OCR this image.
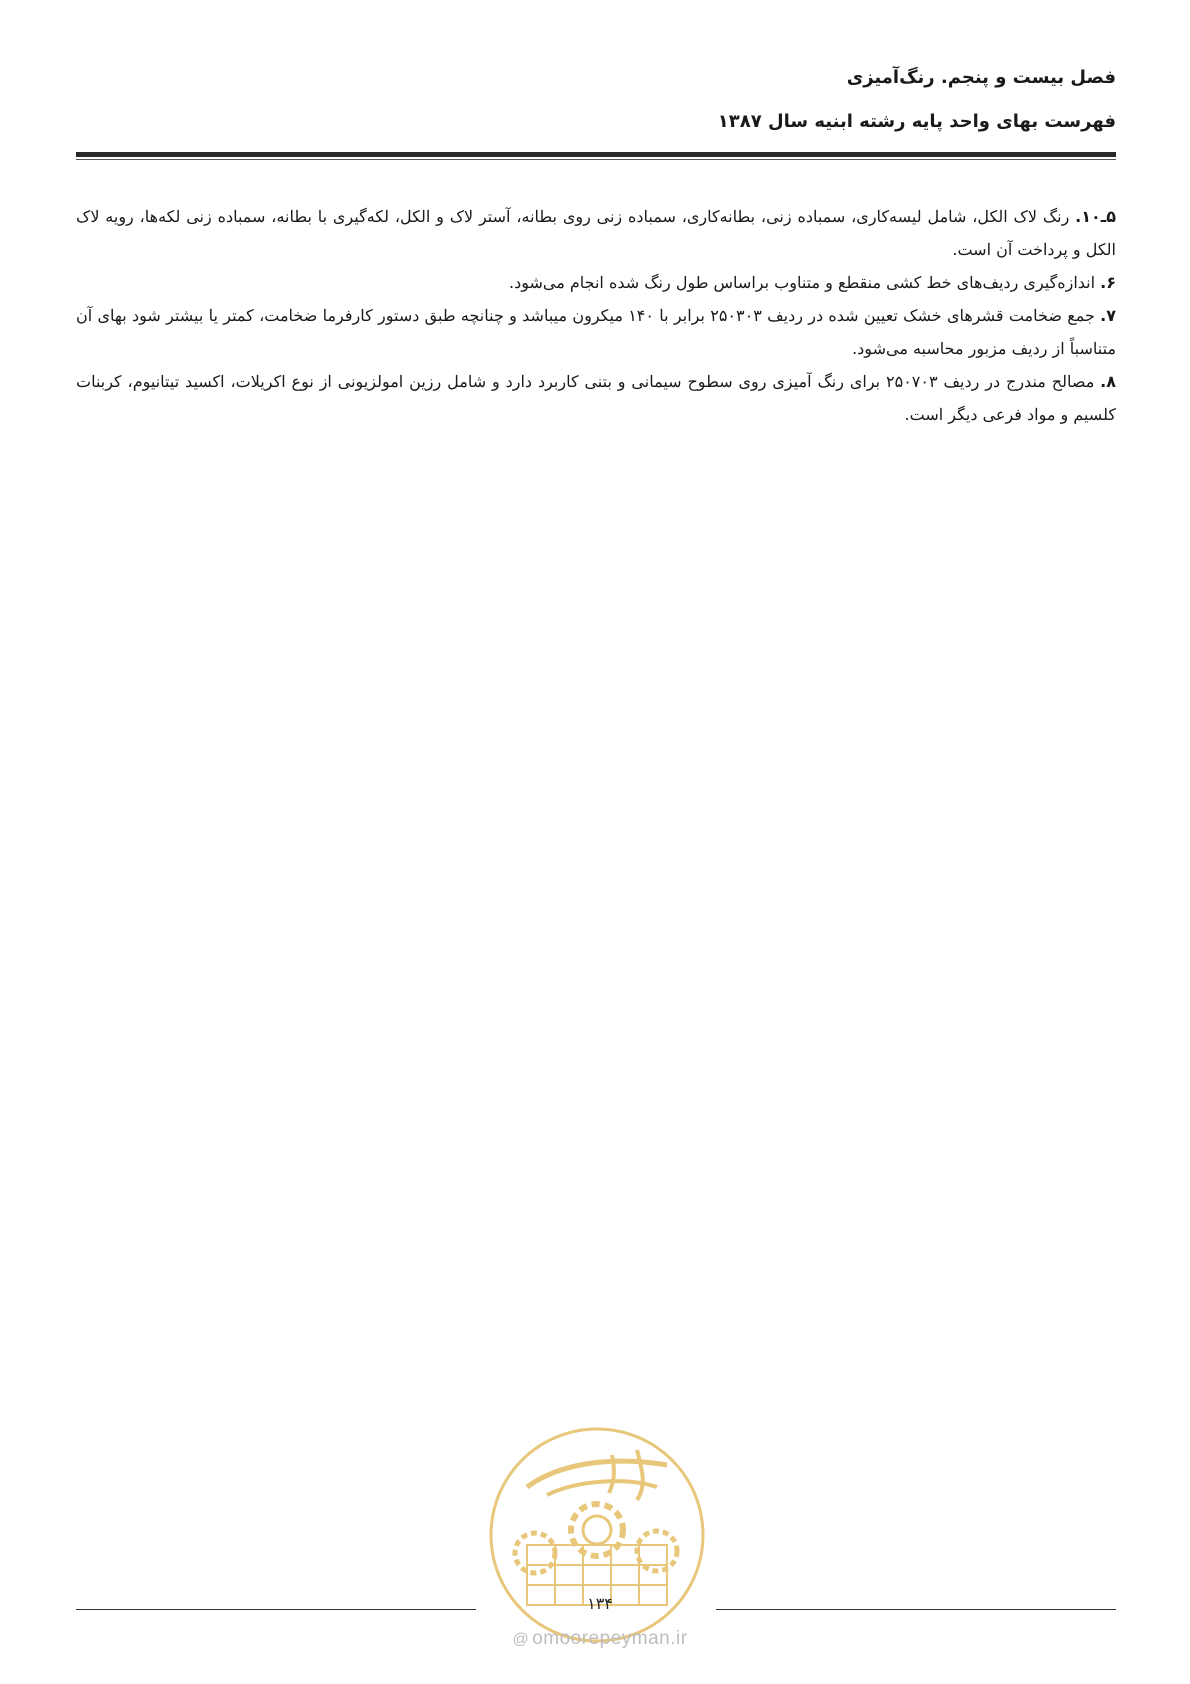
فصل بیست و پنجم. رنگ‌آمیزی
فهرست بهای واحد پایه رشته ابنیه سال ۱۳۸۷

۵ـ۱۰. رنگ لاک الکل، شامل لیسه‌کاری، سمباده زنی، بطانه‌کاری، سمباده زنی روی بطانه، آستر لاک و الکل، لکه‌گیری با بطانه، سمباده زنی لکه‌ها، رویه لاک الکل و پرداخت آن است.

۶. اندازه‌گیری ردیف‌های خط کشی منقطع و متناوب براساس طول رنگ شده انجام می‌شود.

۷. جمع ضخامت قشرهای خشک تعیین شده در ردیف ۲۵۰۳۰۳ برابر با ۱۴۰ میکرون میباشد و چنانچه طبق دستور کارفرما ضخامت، کمتر یا بیشتر شود بهای آن متناسباً از ردیف مزبور محاسبه می‌شود.

۸. مصالح مندرج در ردیف ۲۵۰۷۰۳ برای رنگ آمیزی روی سطوح سیمانی و بتنی کاربرد دارد و شامل رزین امولزیونی از نوع اکریلات، اکسید تیتانیوم، کربنات کلسیم و مواد فرعی دیگر است.

۱۳۴
@ omoorepeyman.ir
